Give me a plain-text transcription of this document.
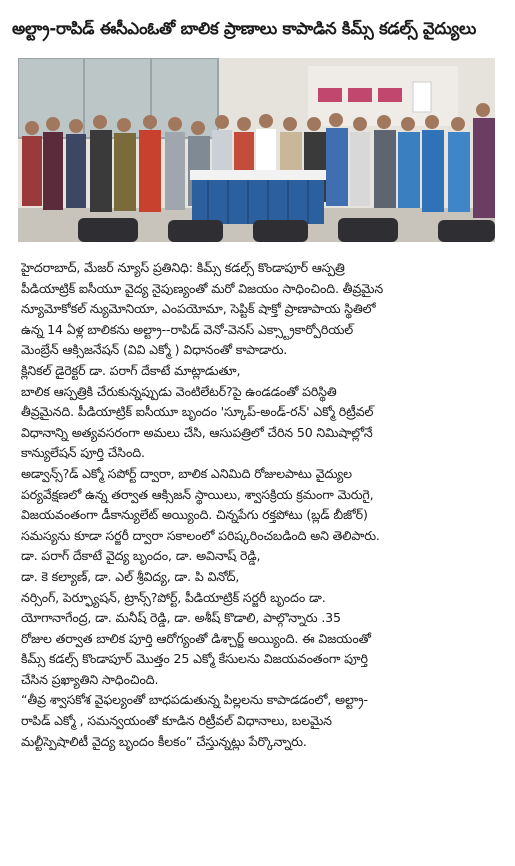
అల్ట్రా-రాపిడ్ ఈసీఎంఓతో బాలిక ప్రాణాలు కాపాడిన కిమ్స్ కడల్స్ వైద్యులు
హైదరాబాద్, మేజర్ న్యూస్ ప్రతినిధి: కిమ్స్ కడల్స్ కొండాపూర్ ఆస్పత్రి
పీడియాట్రిక్ ఐసీయూ వైద్య నైపుణ్యంతో మరో విజయం సాధించింది. తీవ్రమైన
న్యూమోకోకల్ న్యుమోనియా, ఎంపయోమా, సెప్టిక్ షాక్తో ప్రాణాపాయ స్థితిలో
ఉన్న 14 ఏళ్ల బాలికను అల్ట్రా--రాపిడ్ వెనో-వెనస్ ఎక్స్ట్రాకార్పోరియల్
మెంబ్రేన్ ఆక్సిజనేషన్ (వివి ఎక్మో ) విధానంతో కాపాడారు.
క్లినికల్ డైరెక్టర్ డా. పరాగ్ దేకాటే మాట్లాడుతూ,
బాలిక ఆస్పత్రికి చేరుకున్నప్పుడు వెంటిలేటర్?పై ఉండడంతో పరిస్థితి
తీవ్రమైనది. పీడియాట్రిక్ ఐసీయూ బృందం 'స్కూప్-అండ్-రన్' ఎక్మో రిట్రీవల్
విధానాన్ని అత్యవసరంగా అమలు చేసి, ఆసుపత్రిలో చేరిన 50 నిమిషాల్లోనే
కాన్యులేషన్ పూర్తి చేసింది.
అడ్వాన్స్?డ్ ఎక్మో సపోర్ట్ ద్వారా, బాలిక ఎనిమిది రోజులపాటు వైద్యుల
పర్యవేక్షణలో ఉన్న తర్వాత ఆక్సిజన్ స్థాయిలు, శ్వాసక్రియ క్రమంగా మెరుగై,
విజయవంతంగా డీకాన్యులేట్ అయ్యింది. చిన్నపేగు రక్తపోటు (బ్లడ్ బీజోర్)
సమస్యను కూడా సర్జరీ ద్వారా సకాలంలో పరిష్కరించబడింది అని తెలిపారు.
డా. పరాగ్ దేకాటే వైద్య బృందం, డా. అవినాష్ రెడ్డి,
డా. కె కల్యాణ్, డా. ఎల్ శ్రీవిద్య, డా. పి వినోద్,
నర్సింగ్, పెర్ఫ్యూషన్, ట్రాన్స్?పోర్ట్, పీడియాట్రిక్ సర్జరీ బృందం డా.
యోగానాగేంద్ర, డా. మనీష్ రెడ్డి, డా. అశీష్ కొడాలి, పాల్గొన్నారు .35
రోజుల తర్వాత బాలిక పూర్తి ఆరోగ్యంతో డిశ్చార్జ్ అయ్యింది. ఈ విజయంతో
కిమ్స్ కడల్స్ కొండాపూర్ మొత్తం 25 ఎక్మో కేసులను విజయవంతంగా పూర్తి
చేసిన ప్రఖ్యాతిని సాధించింది.
“తీవ్ర శ్వాసకోశ వైఫల్యంతో బాధపడుతున్న పిల్లలను కాపాడడంలో, అల్ట్రా-
రాపిడ్ ఎక్మో , సమన్వయంతో కూడిన రిట్రీవల్ విధానాలు, బలమైన
మల్టీస్పెషాలిటీ వైద్య బృందం కీలకం” చేస్తున్నట్లు పేర్కొన్నారు.
